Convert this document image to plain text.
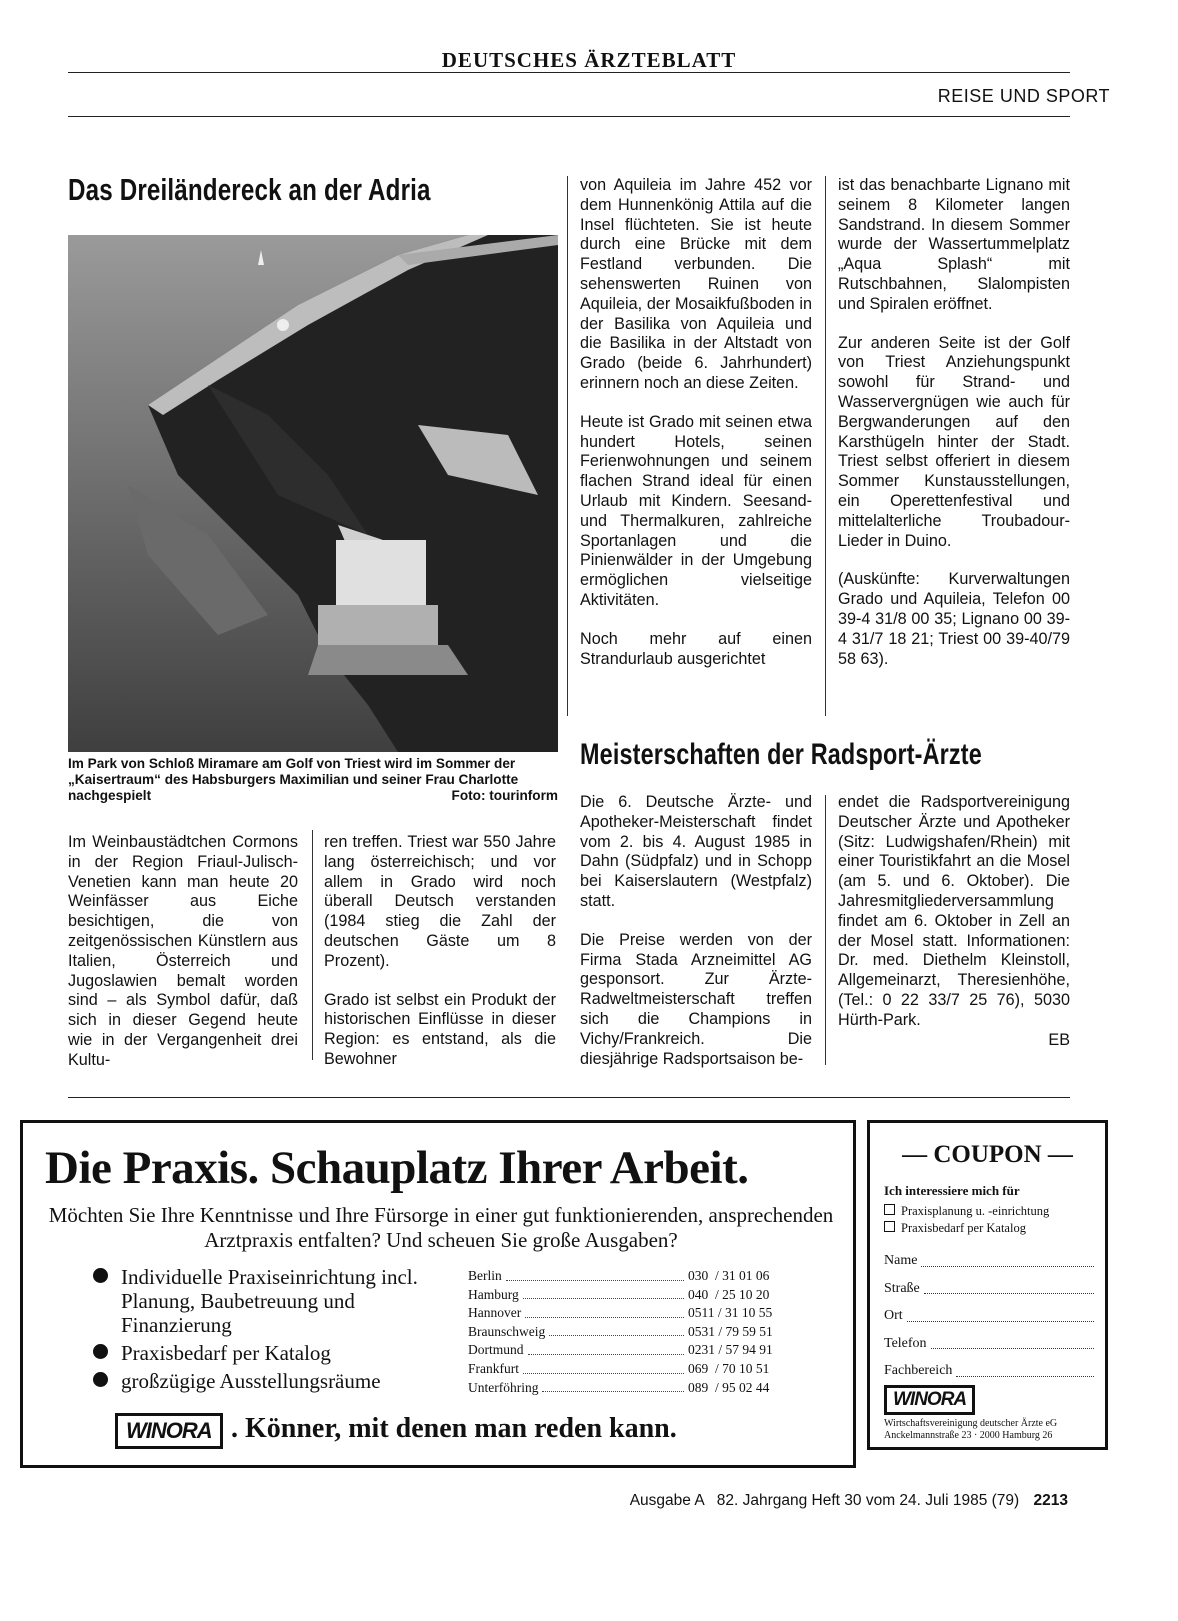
DEUTSCHES ÄRZTEBLATT
REISE UND SPORT
Das Dreiländereck an der Adria
Im Park von Schloß Miramare am Golf von Triest wird im Sommer der „Kaisertraum“ des Habsburgers Maximilian und seiner Frau Charlotte nachgespielt	Foto: tourinform

Im Weinbaustädtchen Cormons in der Region Friaul-Julisch-Venetien kann man heute 20 Weinfässer aus Eiche besichtigen, die von zeitgenössischen Künstlern aus Italien, Österreich und Jugoslawien bemalt worden sind – als Symbol dafür, daß sich in dieser Gegend heute wie in der Vergangenheit drei Kultu-

ren treffen. Triest war 550 Jahre lang österreichisch; und vor allem in Grado wird noch überall Deutsch verstanden (1984 stieg die Zahl der deutschen Gäste um 8 Prozent).

Grado ist selbst ein Produkt der historischen Einflüsse in dieser Region: es entstand, als die Bewohner

von Aquileia im Jahre 452 vor dem Hunnenkönig Attila auf die Insel flüchteten. Sie ist heute durch eine Brücke mit dem Festland verbunden. Die sehenswerten Ruinen von Aquileia, der Mosaikfußboden in der Basilika von Aquileia und die Basilika in der Altstadt von Grado (beide 6. Jahrhundert) erinnern noch an diese Zeiten.

Heute ist Grado mit seinen etwa hundert Hotels, seinen Ferienwohnungen und seinem flachen Strand ideal für einen Urlaub mit Kindern. Seesand- und Thermalkuren, zahlreiche Sportanlagen und die Pinienwälder in der Umgebung ermöglichen vielseitige Aktivitäten.

Noch mehr auf einen Strandurlaub ausgerichtet

ist das benachbarte Lignano mit seinem 8 Kilometer langen Sandstrand. In diesem Sommer wurde der Wassertummelplatz „Aqua Splash“ mit Rutschbahnen, Slalompisten und Spiralen eröffnet.

Zur anderen Seite ist der Golf von Triest Anziehungspunkt sowohl für Strand- und Wasservergnügen wie auch für Bergwanderungen auf den Karsthügeln hinter der Stadt. Triest selbst offeriert in diesem Sommer Kunstausstellungen, ein Operettenfestival und mittelalterliche Troubadour-Lieder in Duino.

(Auskünfte: Kurverwaltungen Grado und Aquileia, Telefon 00 39-4 31/8 00 35; Lignano 00 39-4 31/7 18 21; Triest 00 39-40/79 58 63).

Meisterschaften der Radsport-Ärzte

Die 6. Deutsche Ärzte- und Apotheker-Meisterschaft findet vom 2. bis 4. August 1985 in Dahn (Südpfalz) und in Schopp bei Kaiserslautern (Westpfalz) statt.

Die Preise werden von der Firma Stada Arzneimittel AG gesponsort. Zur Ärzte-Radweltmeisterschaft treffen sich die Champions in Vichy/Frankreich. Die diesjährige Radsportsaison be-

endet die Radsportvereinigung Deutscher Ärzte und Apotheker (Sitz: Ludwigshafen/Rhein) mit einer Touristikfahrt an die Mosel (am 5. und 6. Oktober). Die Jahresmitgliederversammlung findet am 6. Oktober in Zell an der Mosel statt. Informationen: Dr. med. Diethelm Kleinstoll, Allgemeinarzt, Theresienhöhe, (Tel.: 0 22 33/7 25 76), 5030 Hürth-Park.

EB
Die Praxis. Schauplatz Ihrer Arbeit.
Möchten Sie Ihre Kenntnisse und Ihre Fürsorge in einer gut funktionierenden, ansprechenden Arztpraxis entfalten? Und scheuen Sie große Ausgaben?
Individuelle Praxiseinrichtung incl. Planung, Baubetreuung und Finanzierung
Praxisbedarf per Katalog
großzügige Ausstellungsräume
Berlin	030  / 31 01 06
Hamburg	040  / 25 10 20
Hannover	0511 / 31 10 55
Braunschweig	0531 / 79 59 51
Dortmund	0231 / 57 94 91
Frankfurt	069  / 70 10 51
Unterföhring	089  / 95 02 44
WINORA . Könner, mit denen man reden kann.
— COUPON —
Ich interessiere mich für
Praxisplanung u. -einrichtung
Praxisbedarf per Katalog
Name
Straße
Ort
Telefon
Fachbereich
WINORA
Wirtschaftsvereinigung deutscher Ärzte eG
Anckelmannstraße 23 · 2000 Hamburg 26
Ausgabe A   82. Jahrgang Heft 30 vom 24. Juli 1985 (79) 2213
